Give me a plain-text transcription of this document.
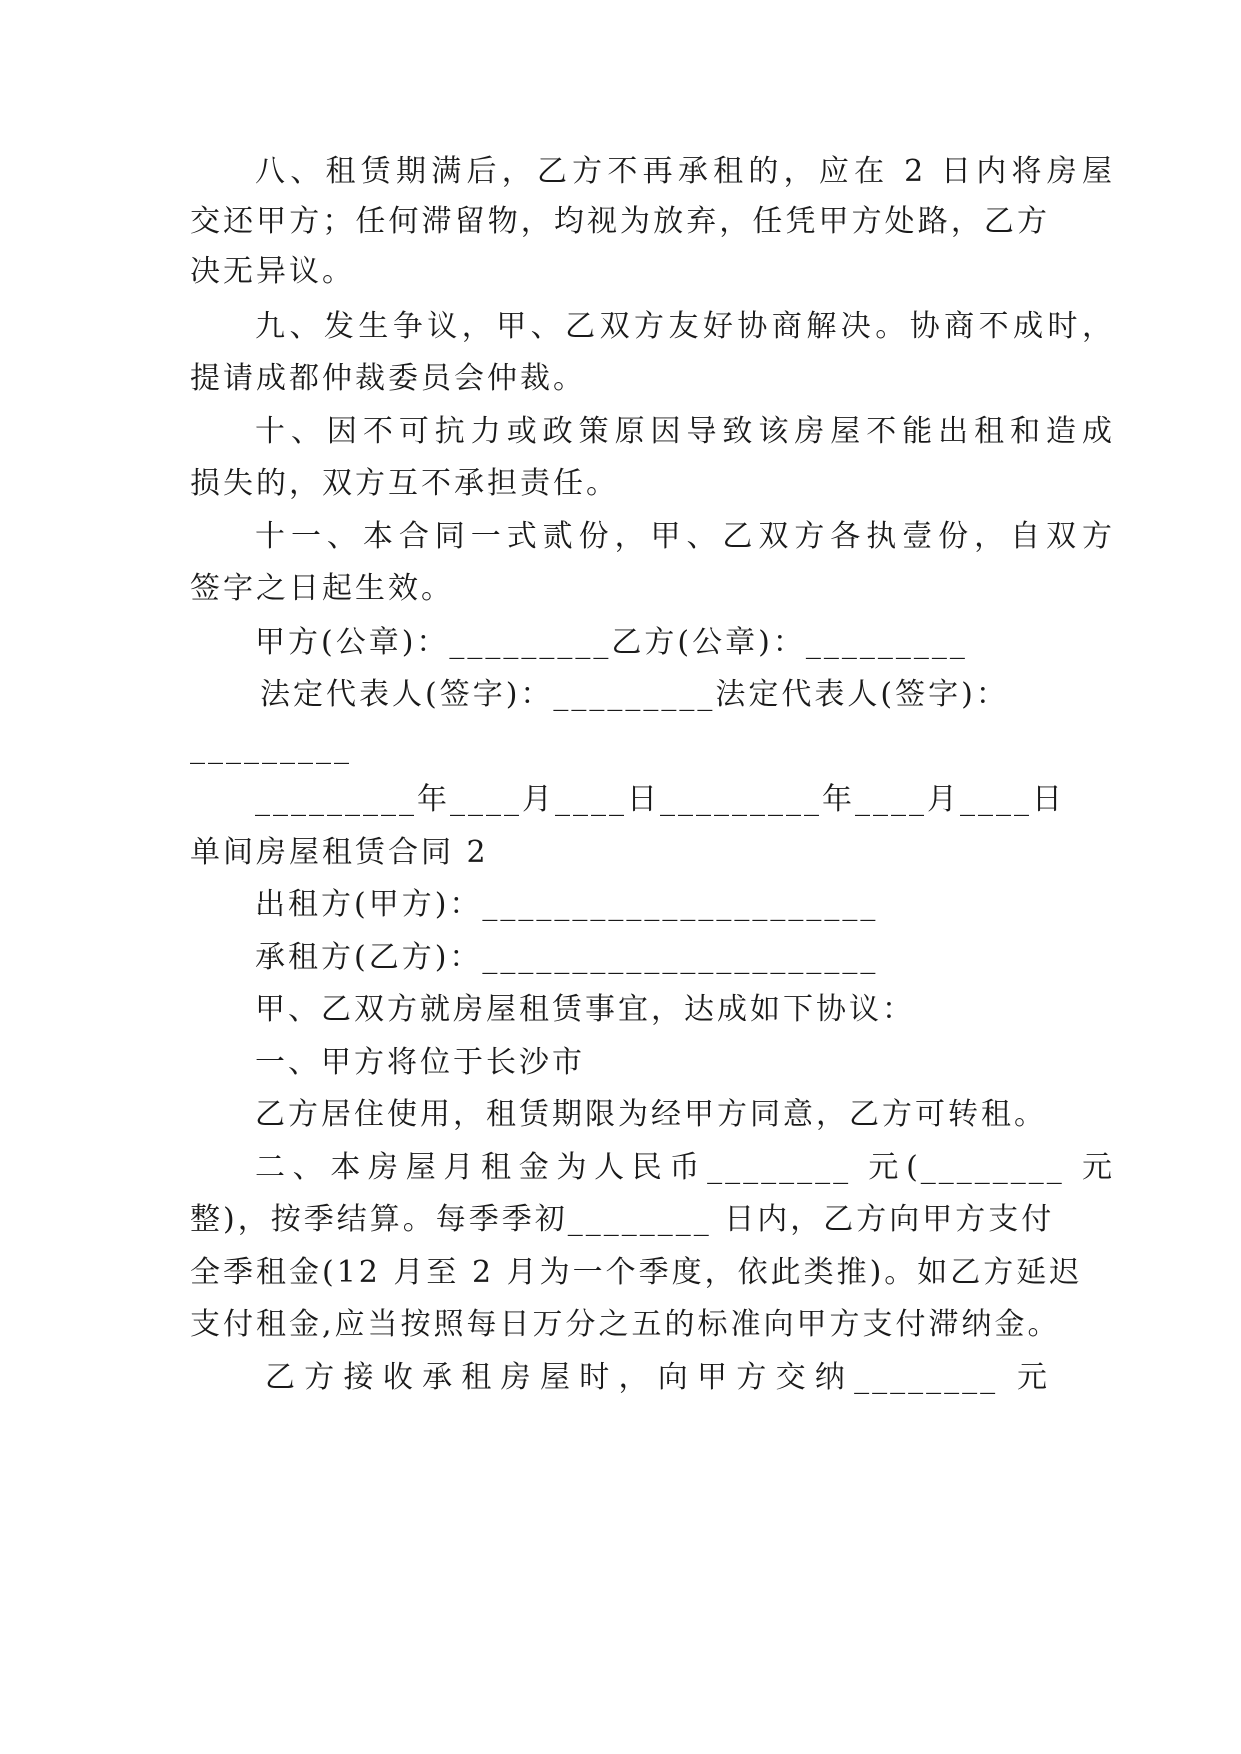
八、租赁期满后，乙方不再承租的，应在 2 日内将房屋
交还甲方；任何滞留物，均视为放弃，任凭甲方处路，乙方
决无异议。
九、发生争议，甲、乙双方友好协商解决。协商不成时，
提请成都仲裁委员会仲裁。
十、因不可抗力或政策原因导致该房屋不能出租和造成
损失的，双方互不承担责任。
十一、本合同一式贰份，甲、乙双方各执壹份，自双方
签字之日起生效。
甲方(公章)：_________乙方(公章)：_________
法定代表人(签字)：_________法定代表人(签字)：
_________
_________年____月____日_________年____月____日
单间房屋租赁合同 2
出租方(甲方)：______________________
承租方(乙方)：______________________
甲、乙双方就房屋租赁事宜，达成如下协议：
一、甲方将位于长沙市
乙方居住使用，租赁期限为经甲方同意，乙方可转租。
二、本房屋月租金为人民币________ 元(________ 元
整)，按季结算。每季季初________ 日内，乙方向甲方支付
全季租金(12 月至 2 月为一个季度，依此类推)。如乙方延迟
支付租金,应当按照每日万分之五的标准向甲方支付滞纳金。
乙方接收承租房屋时，向甲方交纳________ 元
